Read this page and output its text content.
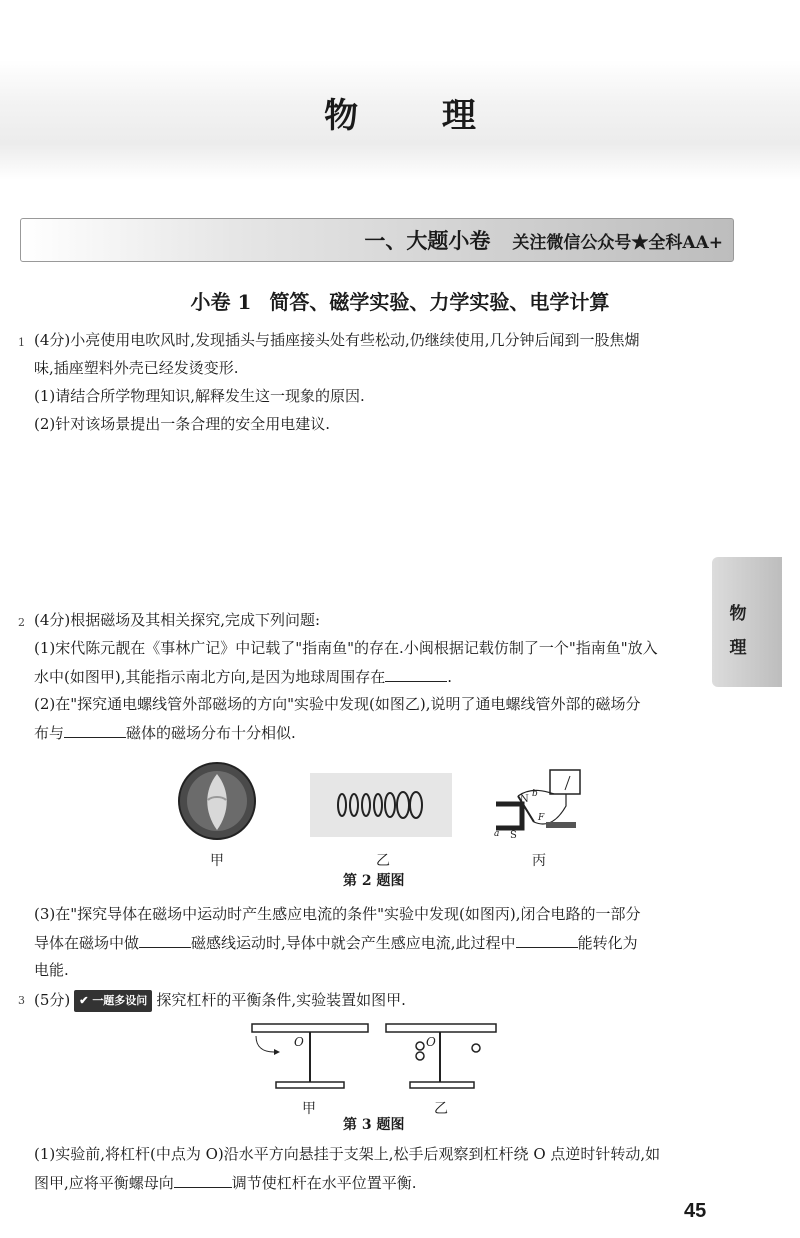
物 理
一、大题小卷 关注微信公众号★全科AA+
小卷 1 简答、磁学实验、力学实验、电学计算
1 (4分)小亮使用电吹风时,发现插头与插座接头处有些松动,仍继续使用,几分钟后闻到一股焦煳
味,插座塑料外壳已经发烫变形.
(1)请结合所学物理知识,解释发生这一现象的原因.
(2)针对该场景提出一条合理的安全用电建议.
物
理
2 (4分)根据磁场及其相关探究,完成下列问题:
(1)宋代陈元靓在《事林广记》中记载了"指南鱼"的存在.小闽根据记载仿制了一个"指南鱼"放入
水中(如图甲),其能指示南北方向,是因为地球周围存在	.
(2)在"探究通电螺线管外部磁场的方向"实验中发现(如图乙),说明了通电螺线管外部的磁场分
布与	磁体的磁场分布十分相似.
N
S
a
b
F
甲	乙	丙
第 2 题图
(3)在"探究导体在磁场中运动时产生感应电流的条件"实验中发现(如图丙),闭合电路的一部分
导体在磁场中做	磁感线运动时,导体中就会产生感应电流,此过程中	能转化为
电能.
3 (5分) ✔ 一题多设问 探究杠杆的平衡条件,实验装置如图甲.
O	O
甲	乙
第 3 题图
(1)实验前,将杠杆(中点为 O)沿水平方向悬挂于支架上,松手后观察到杠杆绕 O 点逆时针转动,如
图甲,应将平衡螺母向	调节使杠杆在水平位置平衡.
45
